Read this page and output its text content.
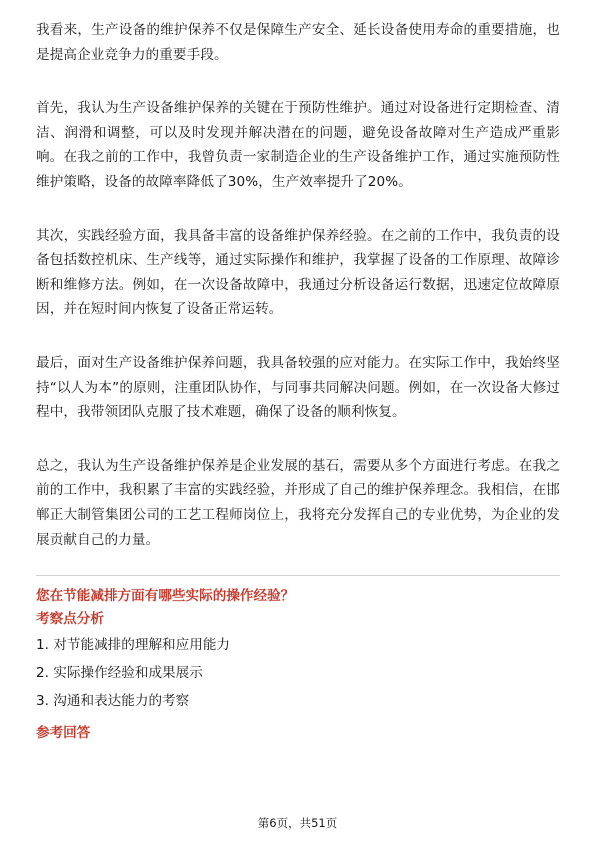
我看来，生产设备的维护保养不仅是保障生产安全、延长设备使用寿命的重要措施，也是提高企业竞争力的重要手段。

首先，我认为生产设备维护保养的关键在于预防性维护。通过对设备进行定期检查、清洁、润滑和调整，可以及时发现并解决潜在的问题，避免设备故障对生产造成严重影响。在我之前的工作中，我曾负责一家制造企业的生产设备维护工作，通过实施预防性维护策略，设备的故障率降低了30%，生产效率提升了20%。

其次，实践经验方面，我具备丰富的设备维护保养经验。在之前的工作中，我负责的设备包括数控机床、生产线等，通过实际操作和维护，我掌握了设备的工作原理、故障诊断和维修方法。例如，在一次设备故障中，我通过分析设备运行数据，迅速定位故障原因，并在短时间内恢复了设备正常运转。

最后，面对生产设备维护保养问题，我具备较强的应对能力。在实际工作中，我始终坚持“以人为本”的原则，注重团队协作，与同事共同解决问题。例如，在一次设备大修过程中，我带领团队克服了技术难题，确保了设备的顺利恢复。

总之，我认为生产设备维护保养是企业发展的基石，需要从多个方面进行考虑。在我之前的工作中，我积累了丰富的实践经验，并形成了自己的维护保养理念。我相信，在邯郸正大制管集团公司的工艺工程师岗位上，我将充分发挥自己的专业优势，为企业的发展贡献自己的力量。

您在节能减排方面有哪些实际的操作经验？
考察点分析
1. 对节能减排的理解和应用能力
2. 实际操作经验和成果展示
3. 沟通和表达能力的考察
参考回答
第6页，共51页
